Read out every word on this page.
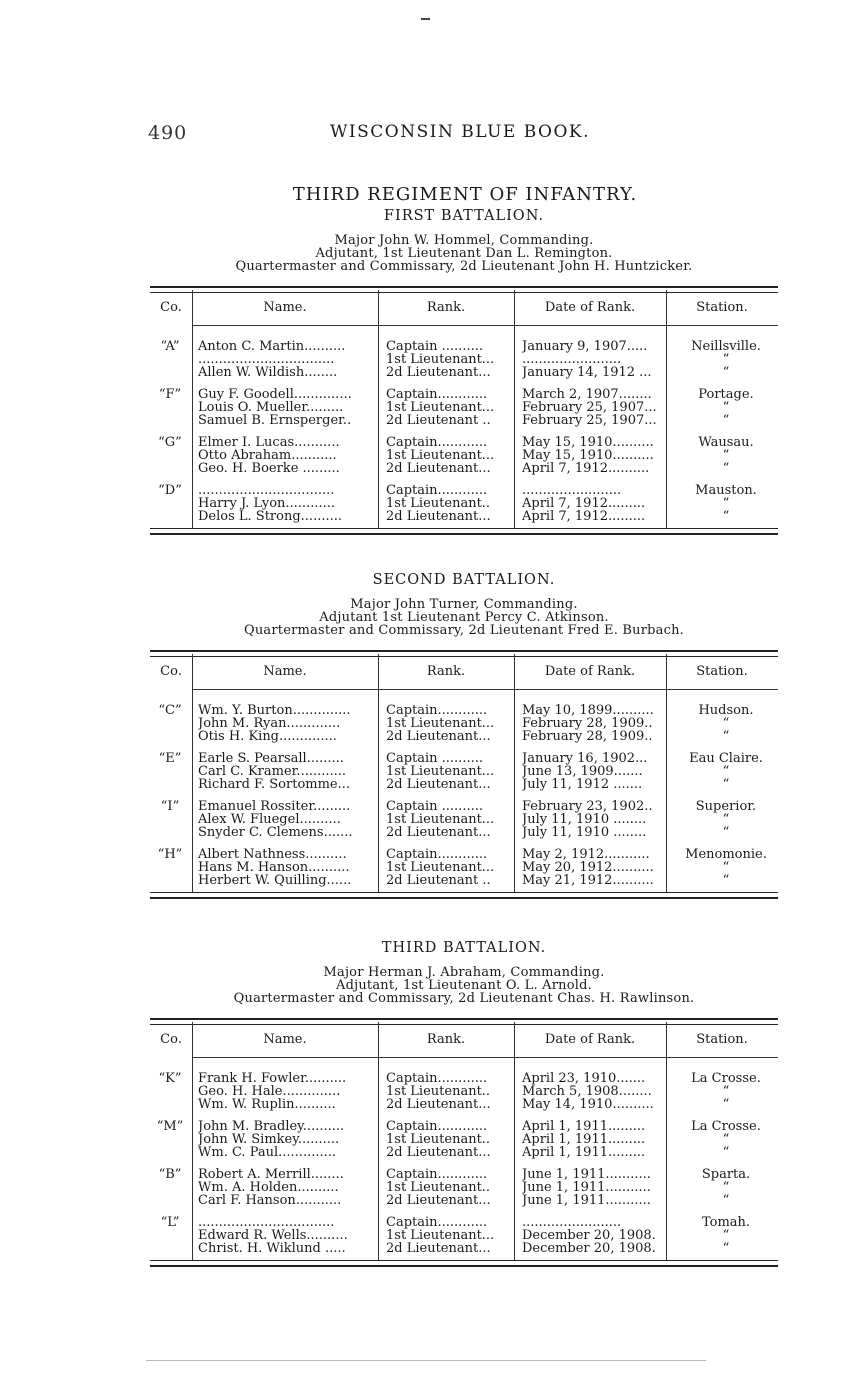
490	WISCONSIN BLUE BOOK.
THIRD REGIMENT OF INFANTRY.
FIRST BATTALION.
Major John W. Hommel, Commanding.
Adjutant, 1st Lieutenant Dan L. Remington.
Quartermaster and Commissary, 2d Lieutenant John H. Huntzicker.
Co.	Name.	Rank.	Date of Rank.	Station.
“A”	Anton C. Martin..........	Captain ..........	January 9, 1907.....	Neillsville.
.................................	1st Lieutenant...	........................	“
Allen W. Wildish........	2d Lieutenant...	January 14, 1912 ...	“
“F”	Guy F. Goodell..............	Captain............	March 2, 1907........	Portage.
Louis O. Mueller.........	1st Lieutenant...	February 25, 1907...	“
Samuel B. Ernsperger..	2d Lieutenant ..	February 25, 1907...	“
“G”	Elmer I. Lucas...........	Captain............	May 15, 1910..........	Wausau.
Otto Abraham...........	1st Lieutenant...	May 15, 1910..........	“
Geo. H. Boerke .........	2d Lieutenant...	April 7, 1912..........	“
“D”	.................................	Captain............	........................	Mauston.
Harry J. Lyon............	1st Lieutenant..	April 7, 1912.........	“
Delos L. Strong..........	2d Lieutenant...	April 7, 1912.........	“
SECOND BATTALION.
Major John Turner, Commanding.
Adjutant 1st Lieutenant Percy C. Atkinson.
Quartermaster and Commissary, 2d Lieutenant Fred E. Burbach.
Co.	Name.	Rank.	Date of Rank.	Station.
“C”	Wm. Y. Burton..............	Captain............	May 10, 1899..........	Hudson.
John M. Ryan.............	1st Lieutenant...	February 28, 1909..	“
Otis H. King..............	2d Lieutenant...	February 28, 1909..	“
“E”	Earle S. Pearsall.........	Captain ..........	January 16, 1902...	Eau Claire.
Carl C. Kramer............	1st Lieutenant...	June 13, 1909.......	“
Richard F. Sortomme...	2d Lieutenant...	July 11, 1912 .......	“
“I”	Emanuel Rossiter.........	Captain ..........	February 23, 1902..	Superior.
Alex W. Fluegel..........	1st Lieutenant...	July 11, 1910 ........	“
Snyder C. Clemens.......	2d Lieutenant...	July 11, 1910 ........	“
“H”	Albert Nathness..........	Captain............	May 2, 1912...........	Menomonie.
Hans M. Hanson..........	1st Lieutenant...	May 20, 1912..........	“
Herbert W. Quilling......	2d Lieutenant ..	May 21, 1912..........	“
THIRD BATTALION.
Major Herman J. Abraham, Commanding.
Adjutant, 1st Lieutenant O. L. Arnold.
Quartermaster and Commissary, 2d Lieutenant Chas. H. Rawlinson.
Co.	Name.	Rank.	Date of Rank.	Station.
“K”	Frank H. Fowler..........	Captain............	April 23, 1910.......	La Crosse.
Geo. H. Hale..............	1st Lieutenant..	March 5, 1908........	“
Wm. W. Ruplin..........	2d Lieutenant...	May 14, 1910..........	“
“M”	John M. Bradley..........	Captain............	April 1, 1911.........	La Crosse.
John W. Simkey..........	1st Lieutenant..	April 1, 1911.........	“
Wm. C. Paul..............	2d Lieutenant...	April 1, 1911.........	“
“B”	Robert A. Merrill........	Captain............	June 1, 1911...........	Sparta.
Wm. A. Holden..........	1st Lieutenant..	June 1, 1911...........	“
Carl F. Hanson...........	2d Lieutenant...	June 1, 1911...........	“
“L”	.................................	Captain............	........................	Tomah.
Edward R. Wells..........	1st Lieutenant...	December 20, 1908.	“
Christ. H. Wiklund .....	2d Lieutenant...	December 20, 1908.	“
